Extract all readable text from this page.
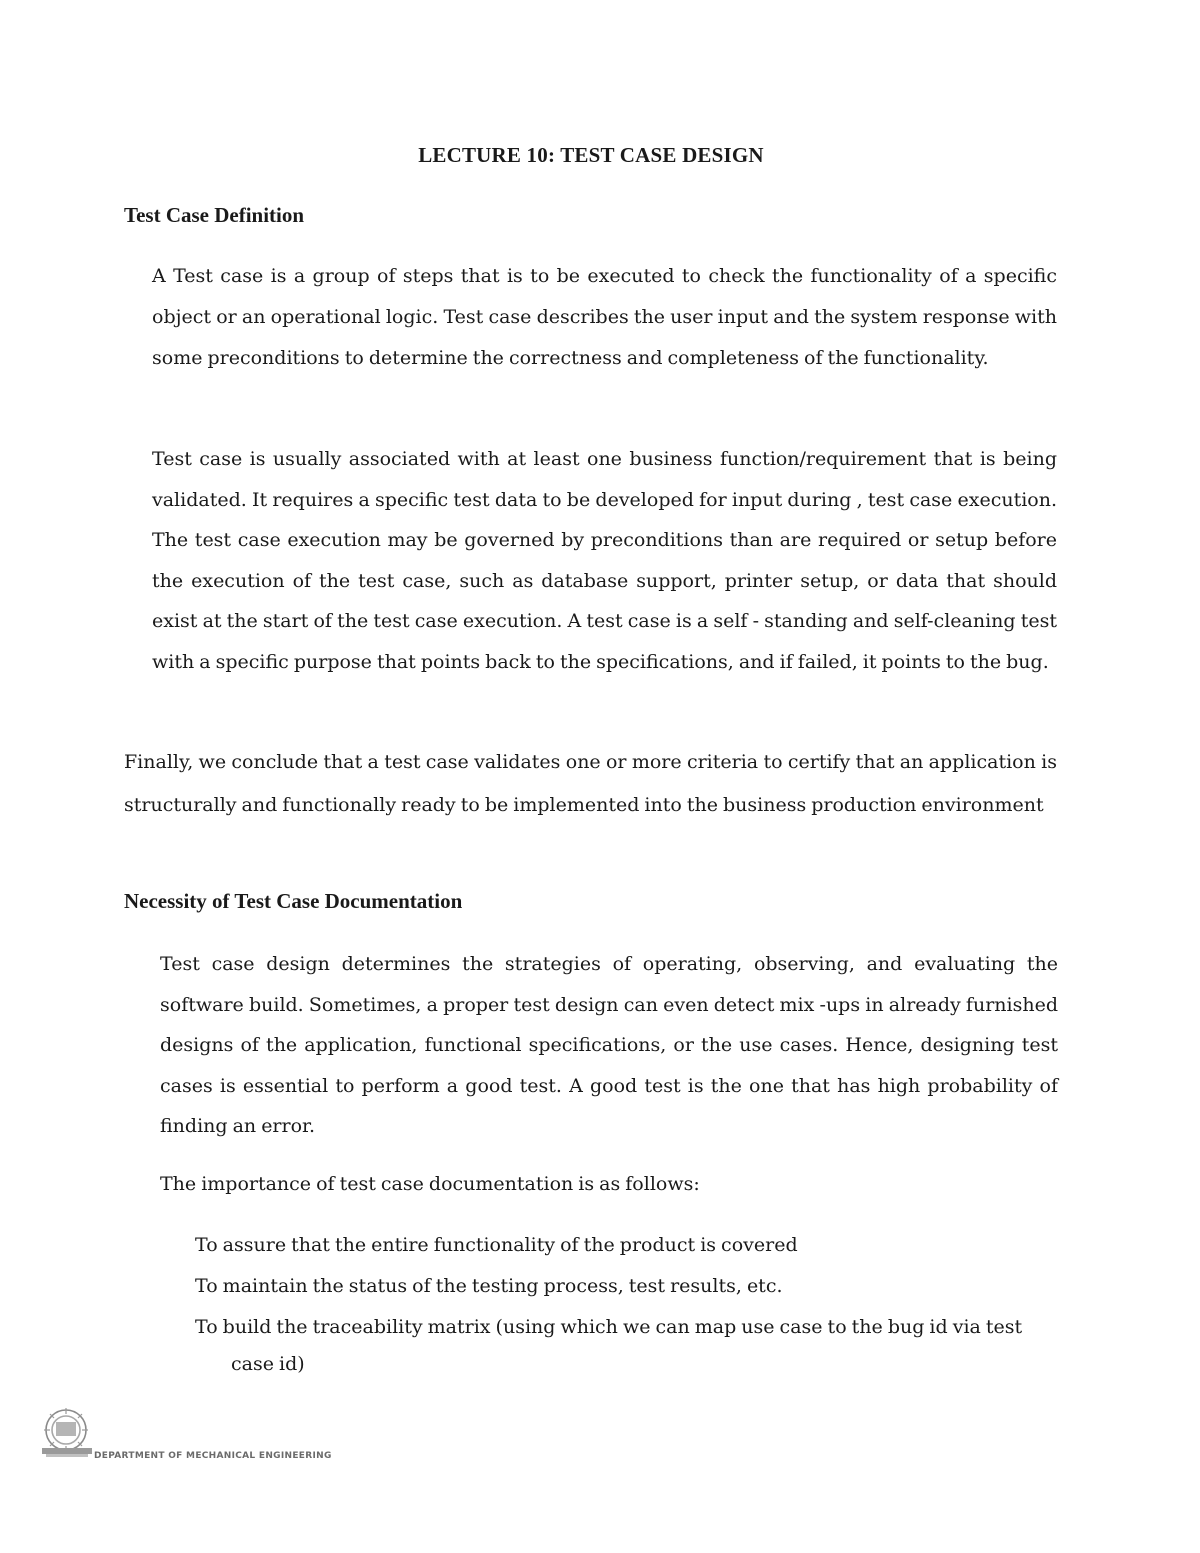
LECTURE 10: TEST CASE DESIGN
Test Case Definition

A Test case is a group of steps that is to be executed to check the functionality of a specific object or an operational logic. Test case describes the user input and the system response with some preconditions to determine the correctness and completeness of the functionality.

Test case is usually associated with at least one business function/requirement that is being validated. It requires a specific test data to be developed for input during , test case execution. The test case execution may be governed by preconditions than are required or setup before the execution of the test case, such as database support, printer setup, or data that should exist at the start of the test case execution. A test case is a self - standing and self-cleaning test with a specific purpose that points back to the specifications, and if failed, it points to the bug.

Finally, we conclude that a test case validates one or more criteria to certify that an application is structurally and functionally ready to be implemented into the business production environment

Necessity of Test Case Documentation

Test case design determines the strategies of operating, observing, and evaluating the software build. Sometimes, a proper test design can even detect mix -ups in already furnished designs of the application, functional specifications, or the use cases. Hence, designing test cases is essential to perform a good test. A good test is the one that has high probability of finding an error.

The importance of test case documentation is as follows:

To assure that the entire functionality of the product is covered
To maintain the status of the testing process, test results, etc.
To build the traceability matrix (using which we can map use case to the bug id via test
case id)
DEPARTMENT OF MECHANICAL ENGINEERING
